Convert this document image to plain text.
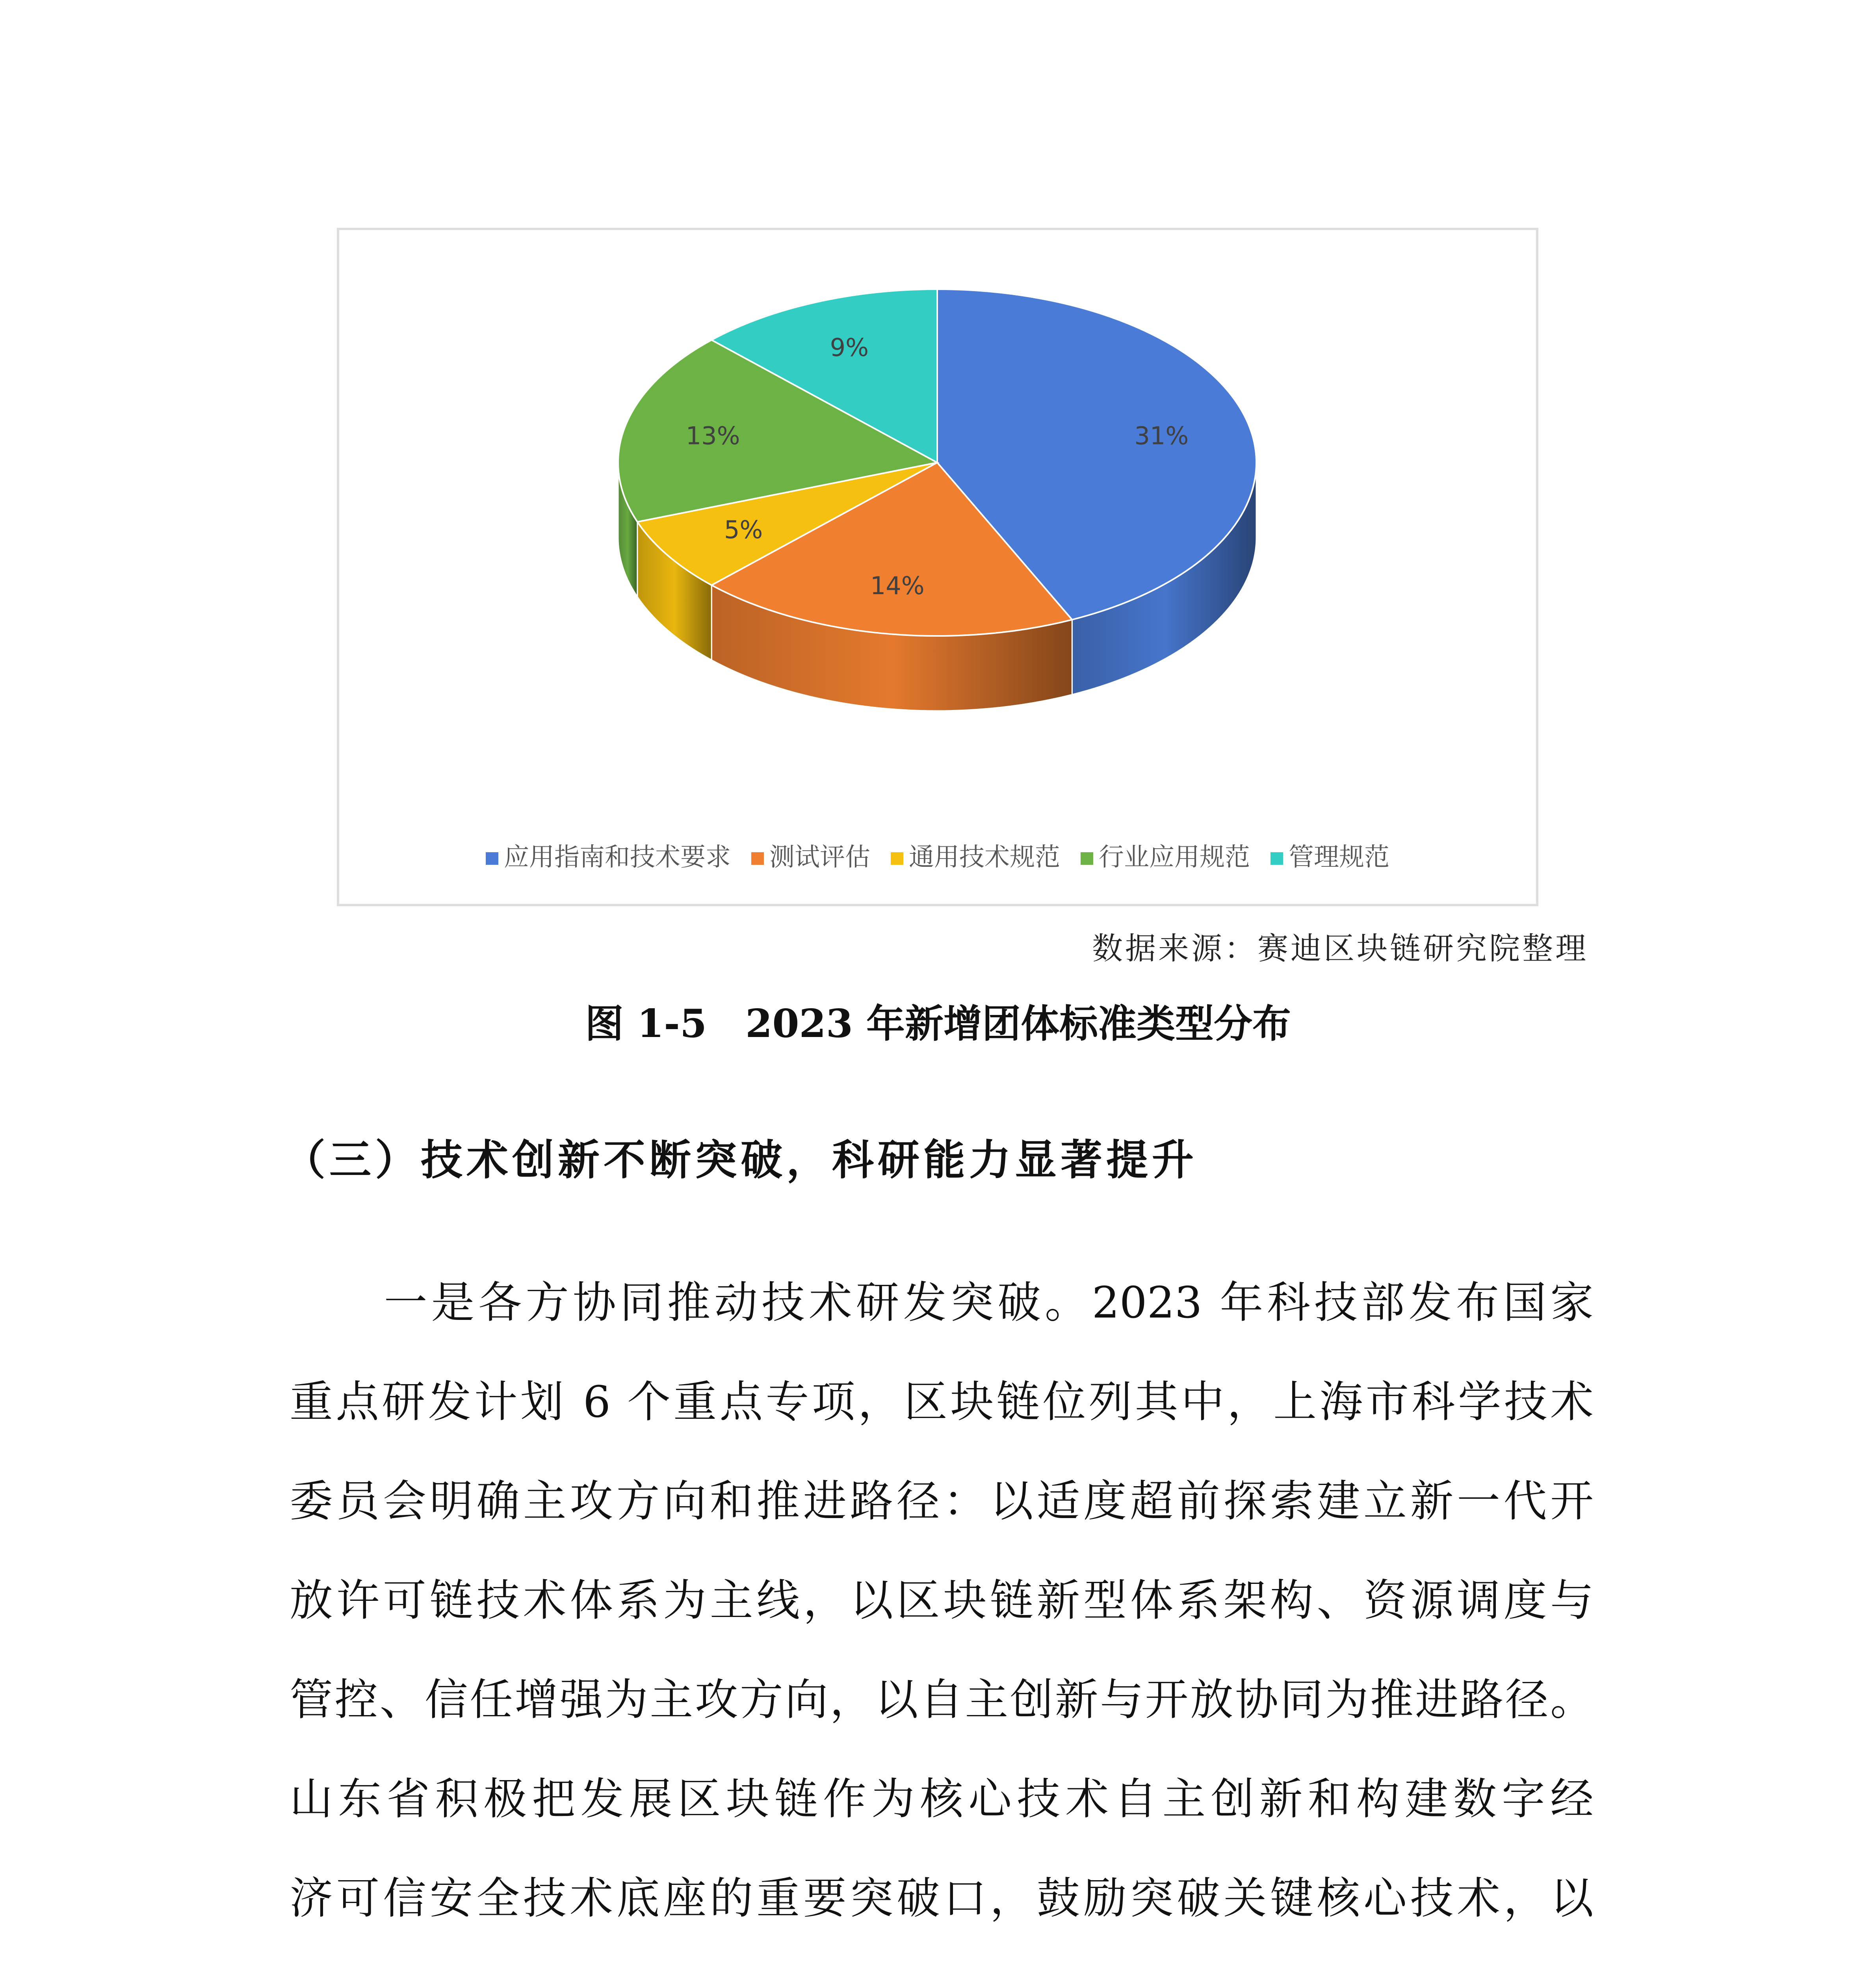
31%
14%
5%
13%
9%
应用指南和技术要求 测试评估 通用技术规范 行业应用规范 管理规范
数据来源：赛迪区块链研究院整理
图 1-5　2023 年新增团体标准类型分布
（三）技术创新不断突破，科研能力显著提升
　　一是各方协同推动技术研发突破。2023 年科技部发布国家
重点研发计划 6 个重点专项，区块链位列其中，上海市科学技术
委员会明确主攻方向和推进路径：以适度超前探索建立新一代开
放许可链技术体系为主线，以区块链新型体系架构、资源调度与
管控、信任增强为主攻方向，以自主创新与开放协同为推进路径。
山东省积极把发展区块链作为核心技术自主创新和构建数字经
济可信安全技术底座的重要突破口，鼓励突破关键核心技术，以
